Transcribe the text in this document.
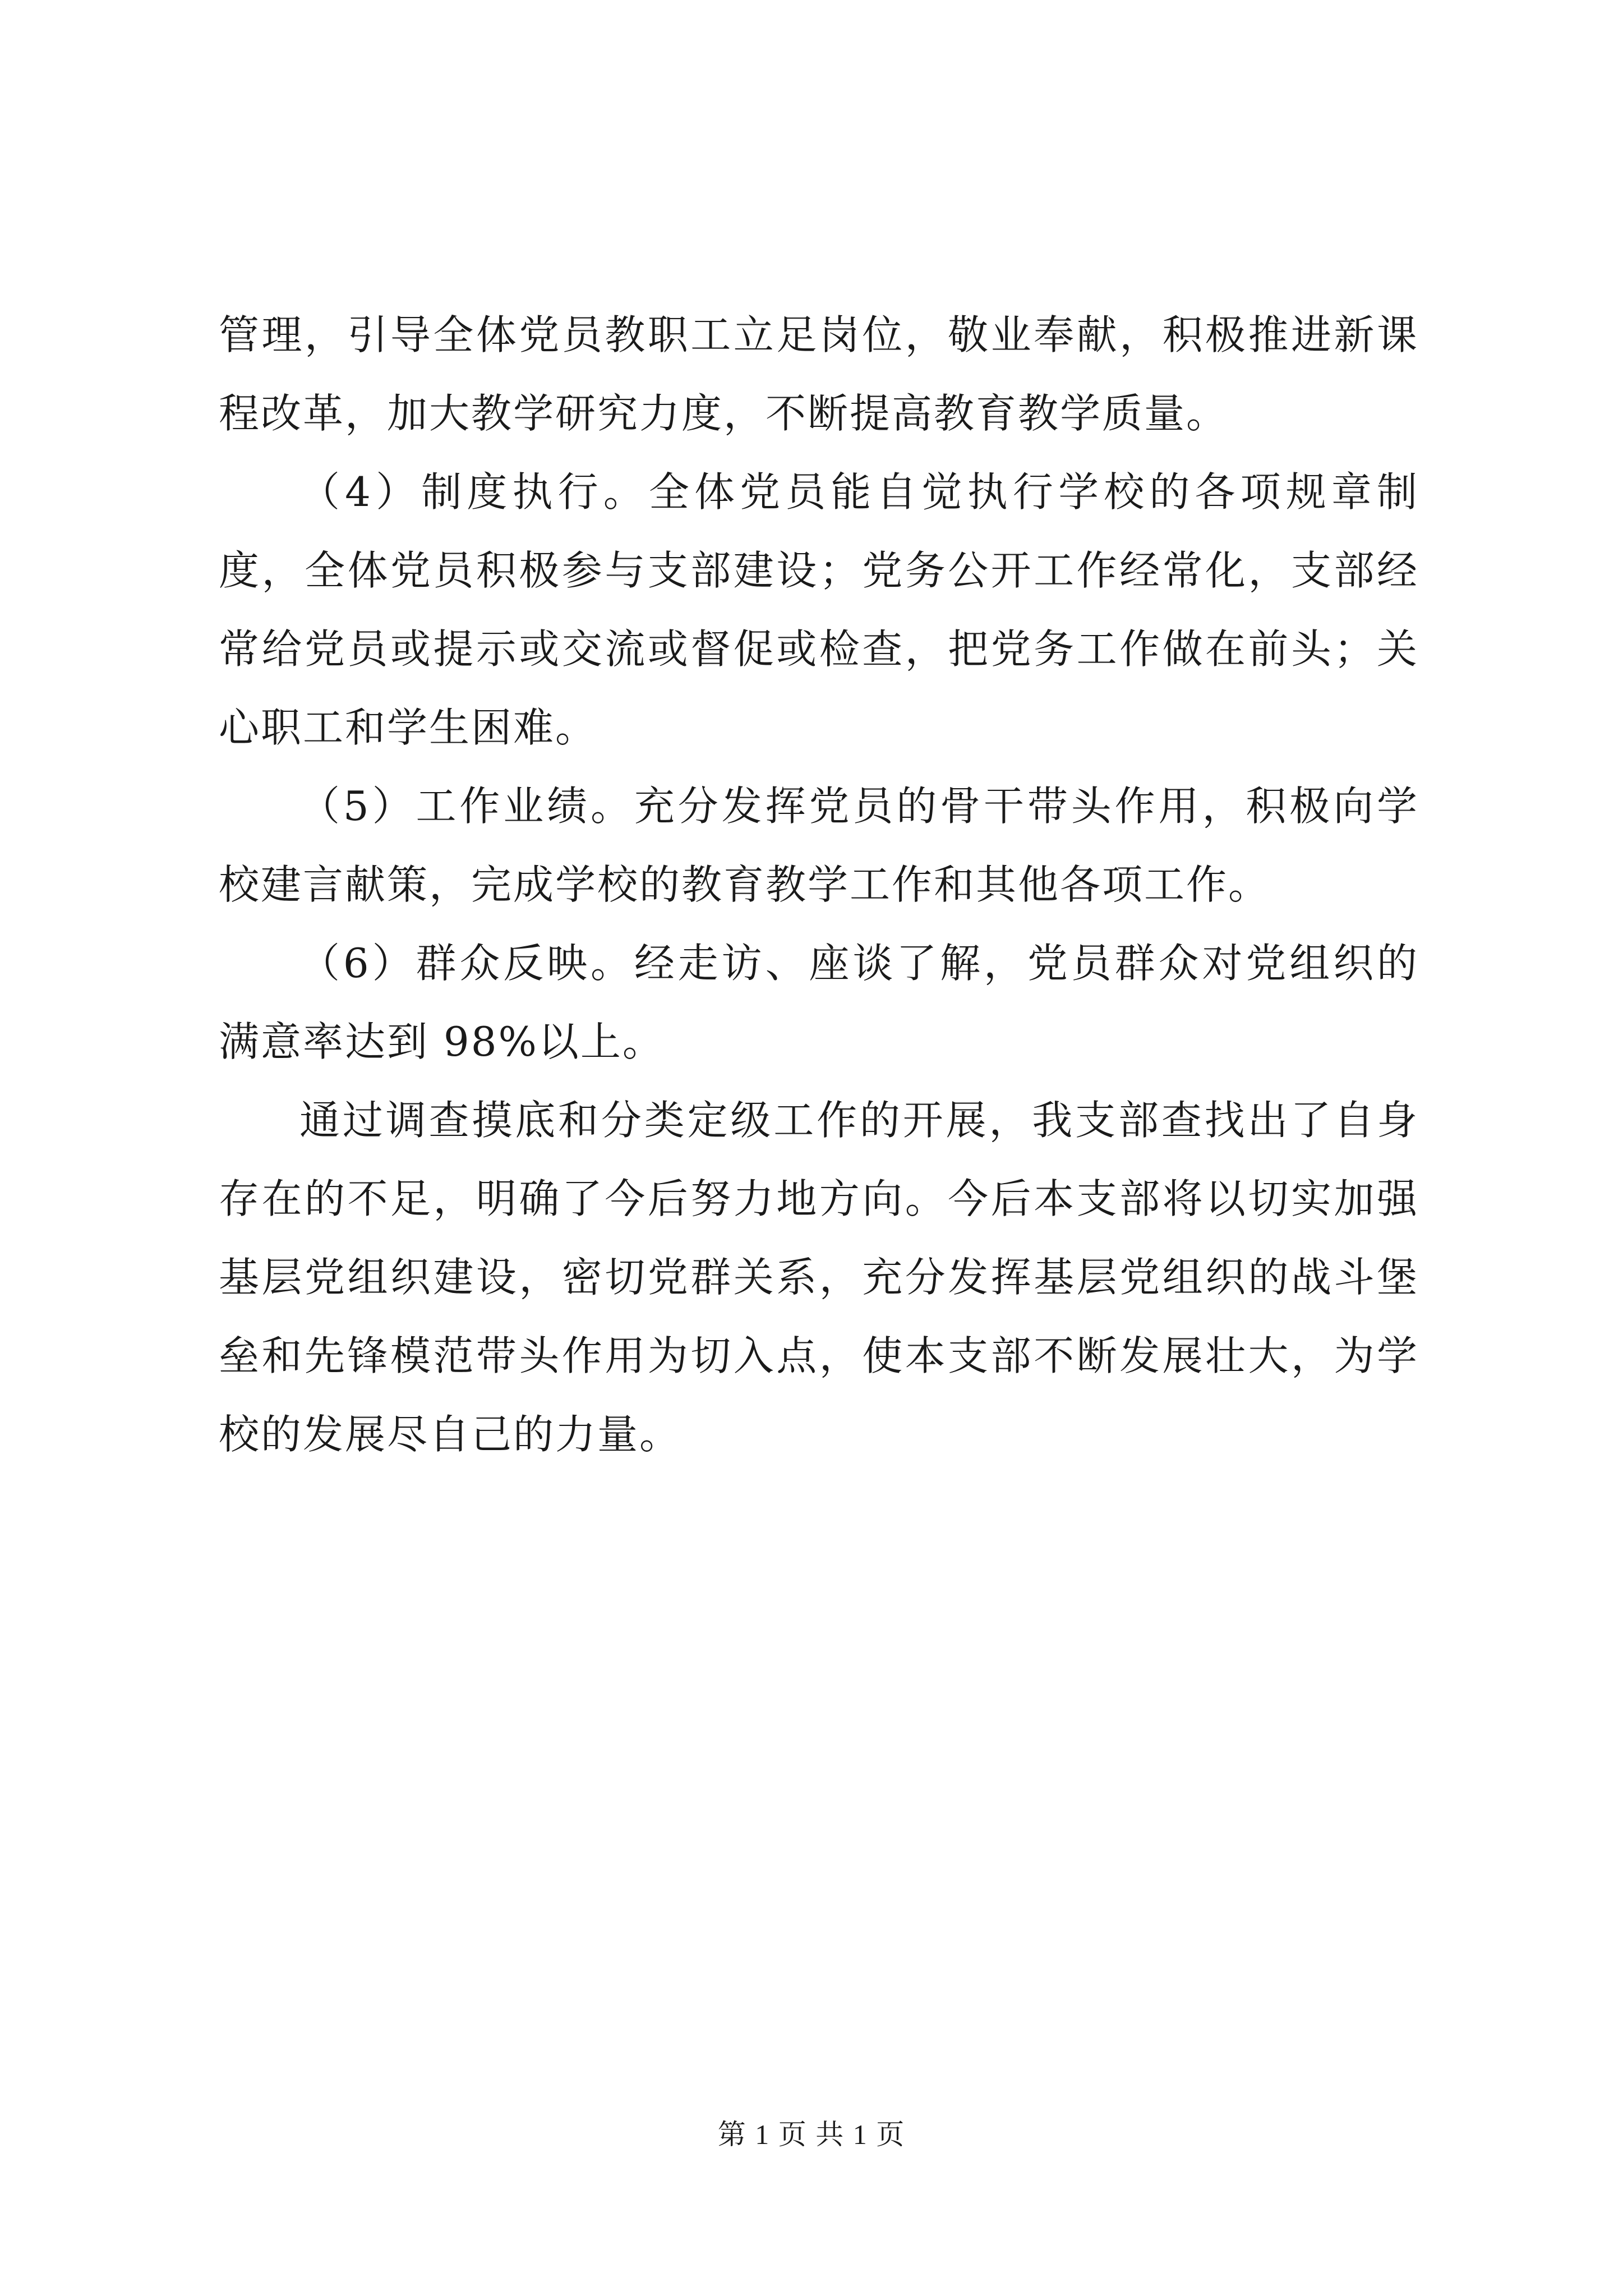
管理，引导全体党员教职工立足岗位，敬业奉献，积极推进新课程改革，加大教学研究力度，不断提高教育教学质量。

（4）制度执行。全体党员能自觉执行学校的各项规章制度，全体党员积极参与支部建设；党务公开工作经常化，支部经常给党员或提示或交流或督促或检查，把党务工作做在前头；关心职工和学生困难。

（5）工作业绩。充分发挥党员的骨干带头作用，积极向学校建言献策，完成学校的教育教学工作和其他各项工作。

（6）群众反映。经走访、座谈了解，党员群众对党组织的满意率达到 98%以上。

通过调查摸底和分类定级工作的开展，我支部查找出了自身存在的不足，明确了今后努力地方向。今后本支部将以切实加强基层党组织建设，密切党群关系，充分发挥基层党组织的战斗堡垒和先锋模范带头作用为切入点，使本支部不断发展壮大，为学校的发展尽自己的力量。

第 1 页 共 1 页
